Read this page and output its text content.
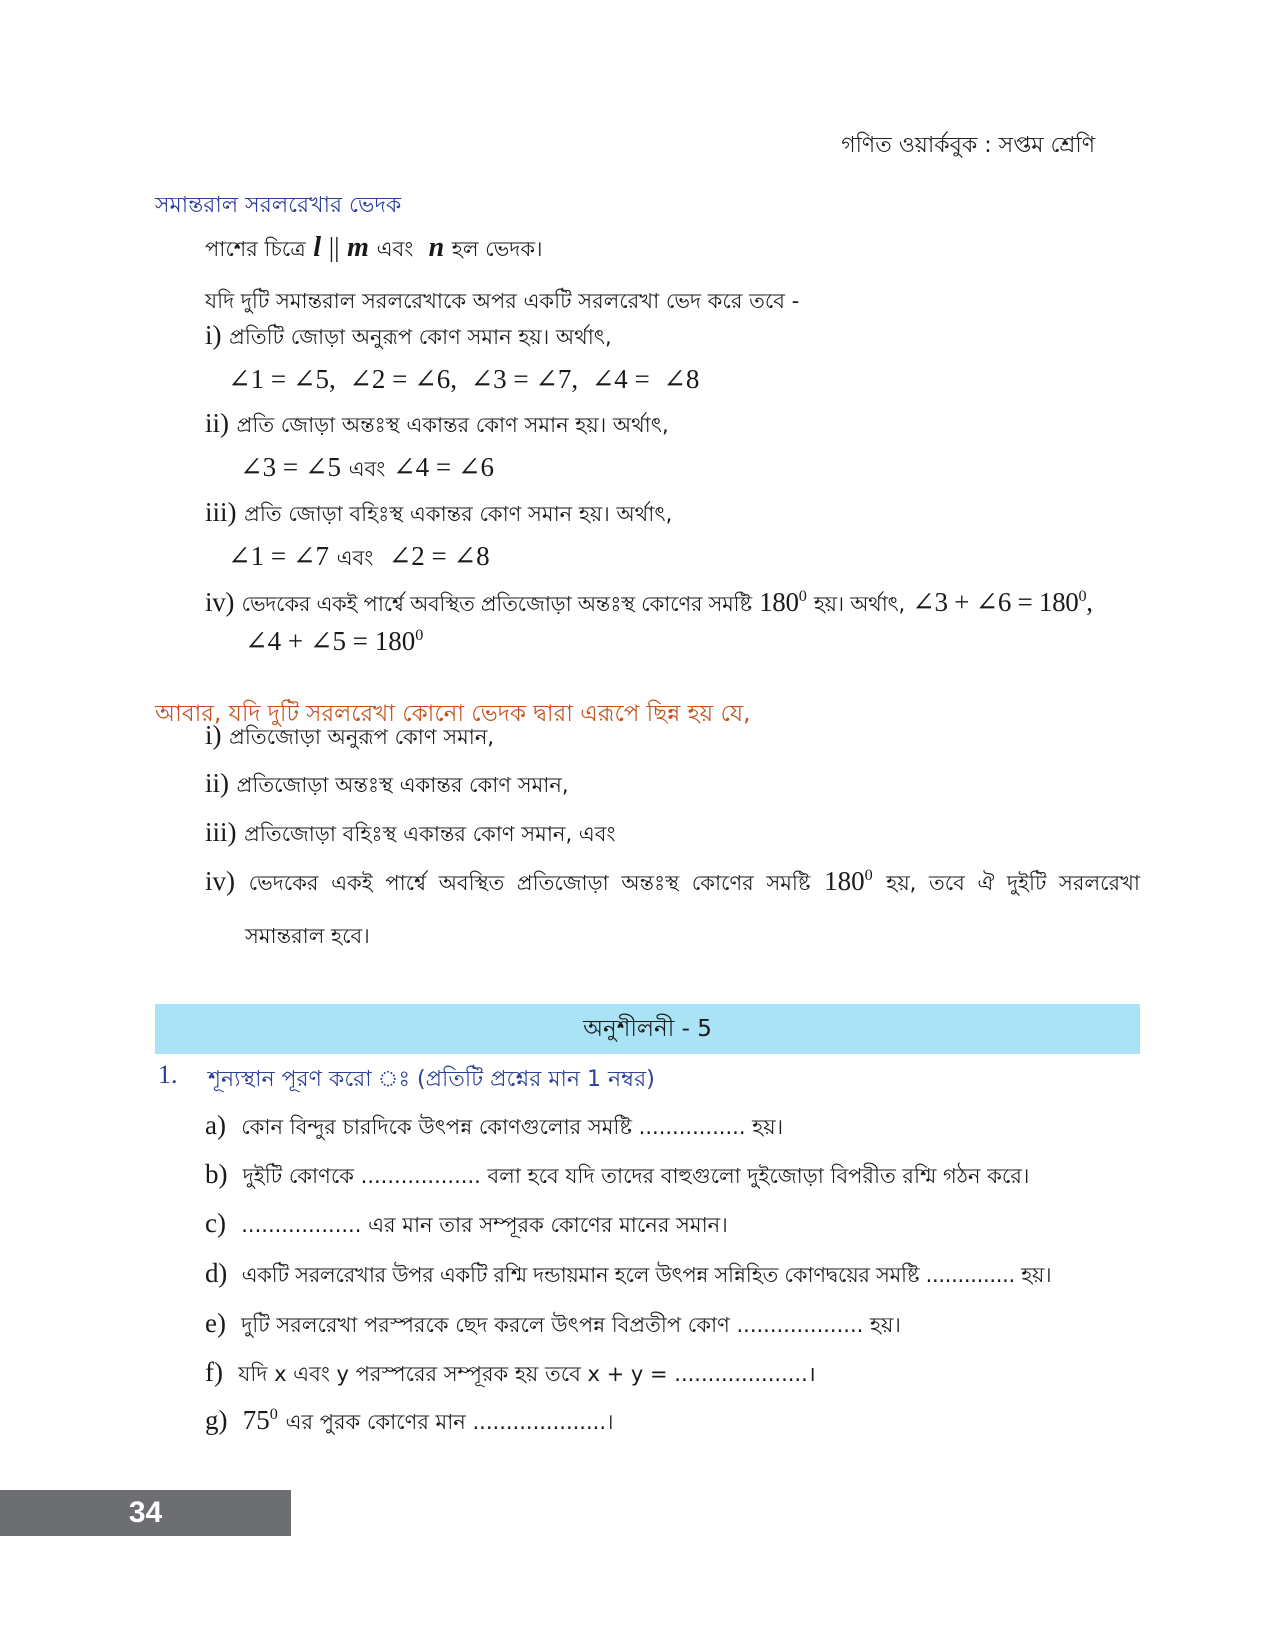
গণিত ওয়ার্কবুক : সপ্তম শ্রেণি
সমান্তরাল সরলরেখার ভেদক
পাশের চিত্রে l || m এবং n হল ভেদক।
যদি দুটি সমান্তরাল সরলরেখাকে অপর একটি সরলরেখা ভেদ করে তবে -
i) প্রতিটি জোড়া অনুরূপ কোণ সমান হয়। অর্থাৎ,
∠1 = ∠5,  ∠2 = ∠6,  ∠3 = ∠7,  ∠4 =  ∠8
ii) প্রতি জোড়া অন্তঃস্থ একান্তর কোণ সমান হয়। অর্থাৎ,
∠3 = ∠5 এবং ∠4 = ∠6
iii) প্রতি জোড়া বহিঃস্থ একান্তর কোণ সমান হয়। অর্থাৎ,
∠1 = ∠7 এবং ∠2 = ∠8
iv) ভেদকের একই পার্শ্বে অবস্থিত প্রতিজোড়া অন্তঃস্থ কোণের সমষ্টি $180^0$ হয়। অর্থাৎ, ∠3 + ∠6 = $180^0$,
∠4 + ∠5 = $180^0$
আবার, যদি দুটি সরলরেখা কোনো ভেদক দ্বারা এরূপে ছিন্ন হয় যে,
i) প্রতিজোড়া অনুরূপ কোণ সমান,
ii) প্রতিজোড়া অন্তঃস্থ একান্তর কোণ সমান,
iii) প্রতিজোড়া বহিঃস্থ একান্তর কোণ সমান, এবং
iv) ভেদকের একই পার্শ্বে অবস্থিত প্রতিজোড়া অন্তঃস্থ কোণের সমষ্টি $180^0$ হয়, তবে ঐ দুইটি সরলরেখা
সমান্তরাল হবে।
অনুশীলনী - 5
1. শূন্যস্থান পূরণ করো ঃ (প্রতিটি প্রশ্নের মান 1 নম্বর)
a) কোন বিন্দুর চারদিকে উৎপন্ন কোণগুলোর সমষ্টি ................ হয়।
b) দুইটি কোণকে .................. বলা হবে যদি তাদের বাহুগুলো দুইজোড়া বিপরীত রশ্মি গঠন করে।
c) .................. এর মান তার সম্পূরক কোণের মানের সমান।
d) একটি সরলরেখার উপর একটি রশ্মি দন্ডায়মান হলে উৎপন্ন সন্নিহিত কোণদ্বয়ের সমষ্টি .............. হয়।
e) দুটি সরলরেখা পরস্পরকে ছেদ করলে উৎপন্ন বিপ্রতীপ কোণ ................... হয়।
f) যদি x এবং y পরস্পরের সম্পূরক হয় তবে x + y = ....................।
g) $75^0$ এর পুরক কোণের মান ....................।
34
